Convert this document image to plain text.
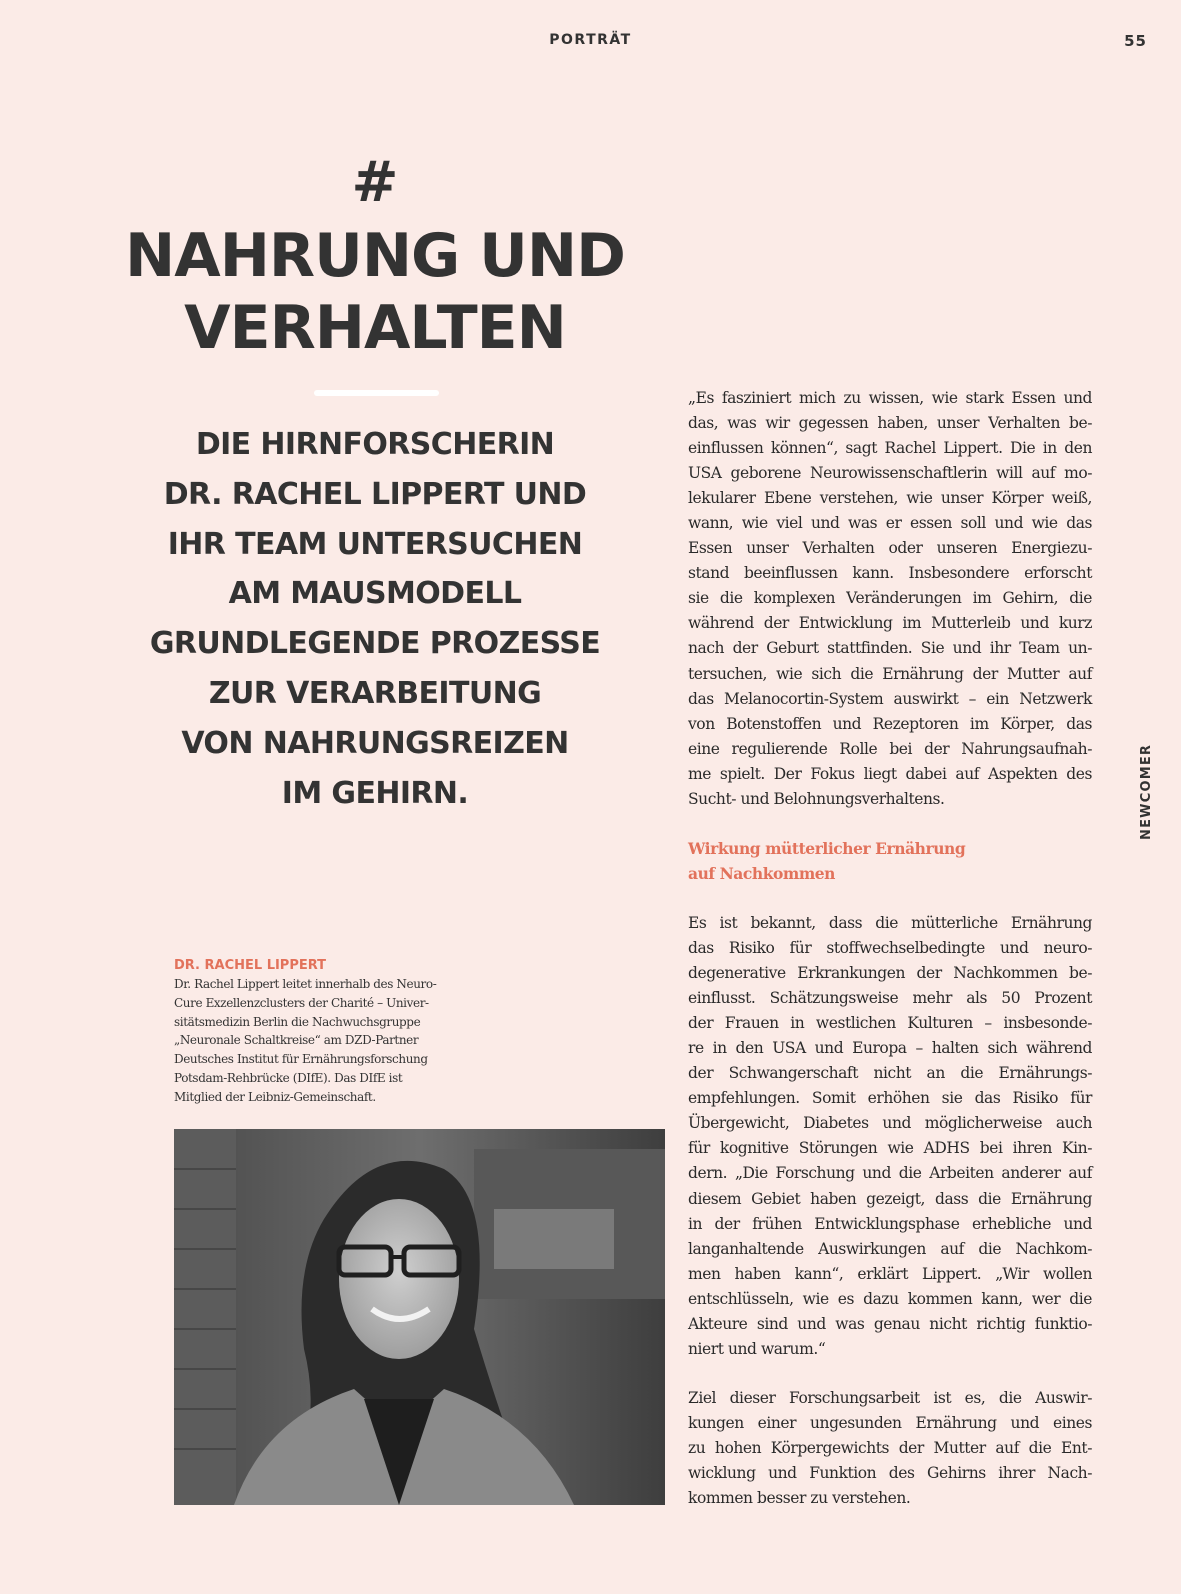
PORTRÄT	55
NEWCOMER
#
NAHRUNG UND
VERHALTEN
DIE HIRNFORSCHERIN
DR. RACHEL LIPPERT UND
IHR TEAM UNTERSUCHEN
AM MAUSMODELL
GRUNDLEGENDE PROZESSE
ZUR VERARBEITUNG
VON NAHRUNGSREIZEN
IM GEHIRN.
DR. RACHEL LIPPERT
Dr. Rachel Lippert leitet innerhalb des Neuro-
Cure Exzellenzclusters der Charité – Univer-
sitätsmedizin Berlin die Nachwuchsgruppe
„Neuronale Schaltkreise“ am DZD-Partner
Deutsches Institut für Ernährungsforschung
Potsdam-Rehbrücke (DIfE). Das DIfE ist
Mitglied der Leibniz-Gemeinschaft.
„Es fasziniert mich zu wissen, wie stark Essen und
das, was wir gegessen haben, unser Verhalten be-
einflussen können“, sagt Rachel Lippert. Die in den
USA geborene Neurowissenschaftlerin will auf mo-
lekularer Ebene verstehen, wie unser Körper weiß,
wann, wie viel und was er essen soll und wie das
Essen unser Verhalten oder unseren Energiezu-
stand beeinflussen kann. Insbesondere erforscht
sie die komplexen Veränderungen im Gehirn, die
während der Entwicklung im Mutterleib und kurz
nach der Geburt stattfinden. Sie und ihr Team un-
tersuchen, wie sich die Ernährung der Mutter auf
das Melanocortin-System auswirkt – ein Netzwerk
von Botenstoffen und Rezeptoren im Körper, das
eine regulierende Rolle bei der Nahrungsaufnah-
me spielt. Der Fokus liegt dabei auf Aspekten des
Sucht- und Belohnungsverhaltens.
Wirkung mütterlicher Ernährung
auf Nachkommen
Es ist bekannt, dass die mütterliche Ernährung
das Risiko für stoffwechselbedingte und neuro-
degenerative Erkrankungen der Nachkommen be-
einflusst. Schätzungsweise mehr als 50 Prozent
der Frauen in westlichen Kulturen – insbesonde-
re in den USA und Europa – halten sich während
der Schwangerschaft nicht an die Ernährungs-
empfehlungen. Somit erhöhen sie das Risiko für
Übergewicht, Diabetes und möglicherweise auch
für kognitive Störungen wie ADHS bei ihren Kin-
dern. „Die Forschung und die Arbeiten anderer auf
diesem Gebiet haben gezeigt, dass die Ernährung
in der frühen Entwicklungsphase erhebliche und
langanhaltende Auswirkungen auf die Nachkom-
men haben kann“, erklärt Lippert. „Wir wollen
entschlüsseln, wie es dazu kommen kann, wer die
Akteure sind und was genau nicht richtig funktio-
niert und warum.“
Ziel dieser Forschungsarbeit ist es, die Auswir-
kungen einer ungesunden Ernährung und eines
zu hohen Körpergewichts der Mutter auf die Ent-
wicklung und Funktion des Gehirns ihrer Nach-
kommen besser zu verstehen.
